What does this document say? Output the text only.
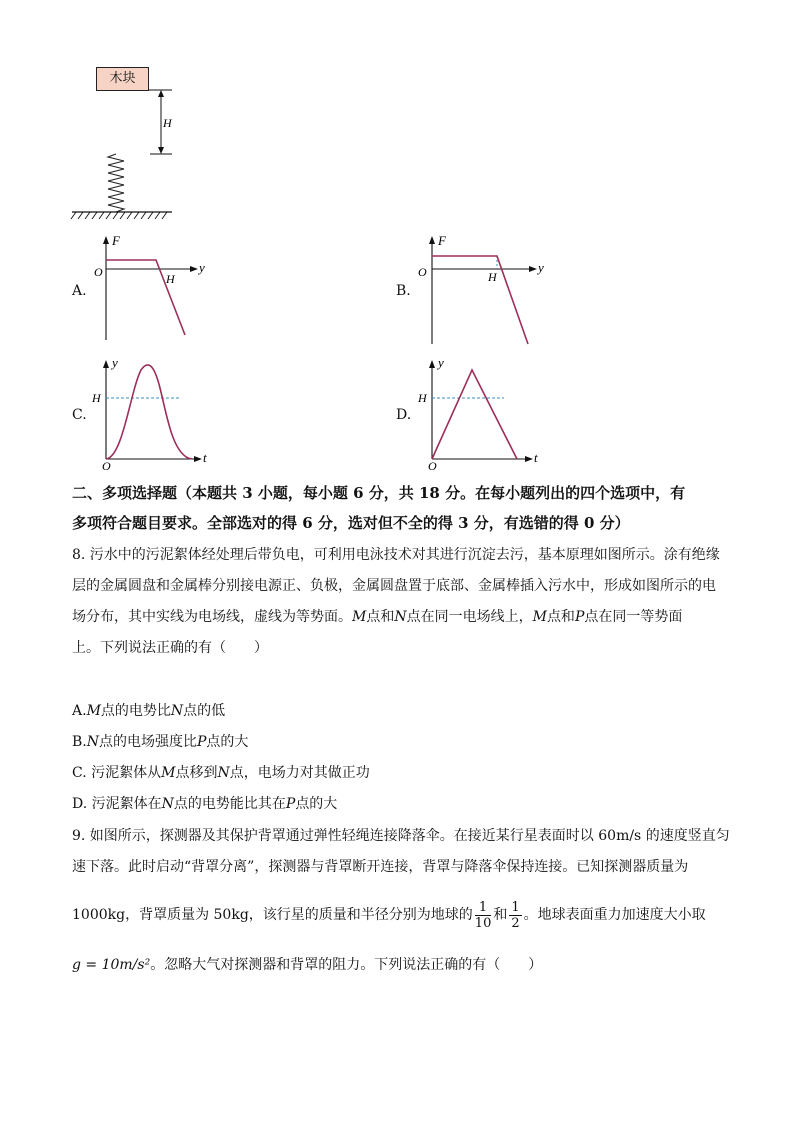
木块
H
A.
F
y
O	H
B.
F
y
O	H
C.
y
t
O
H
D.
y
t
O
H
二、多项选择题（本题共 3 小题，每小题 6 分，共 18 分。在每小题列出的四个选项中，有
多项符合题目要求。全部选对的得 6 分，选对但不全的得 3 分，有选错的得 0 分）
8. 污水中的污泥絮体经处理后带负电，可利用电泳技术对其进行沉淀去污，基本原理如图所示。涂有绝缘
层的金属圆盘和金属棒分别接电源正、负极，金属圆盘置于底部、金属棒插入污水中，形成如图所示的电
场分布，其中实线为电场线，虚线为等势面。M点和N点在同一电场线上，M点和P点在同一等势面
上。下列说法正确的有（　　）
A.M点的电势比N点的低
B.N点的电场强度比P点的大
C. 污泥絮体从M点移到N点，电场力对其做正功
D. 污泥絮体在N点的电势能比其在P点的大
9. 如图所示，探测器及其保护背罩通过弹性轻绳连接降落伞。在接近某行星表面时以 60m/s 的速度竖直匀
速下落。此时启动“背罩分离”，探测器与背罩断开连接，背罩与降落伞保持连接。已知探测器质量为
1000kg，背罩质量为 50kg，该行星的质量和半径分别为地球的 $\frac{1}{10}$ 和 $\frac{1}{2}$ 。地球表面重力加速度大小取
g = 10m/s²。忽略大气对探测器和背罩的阻力。下列说法正确的有（　　）
